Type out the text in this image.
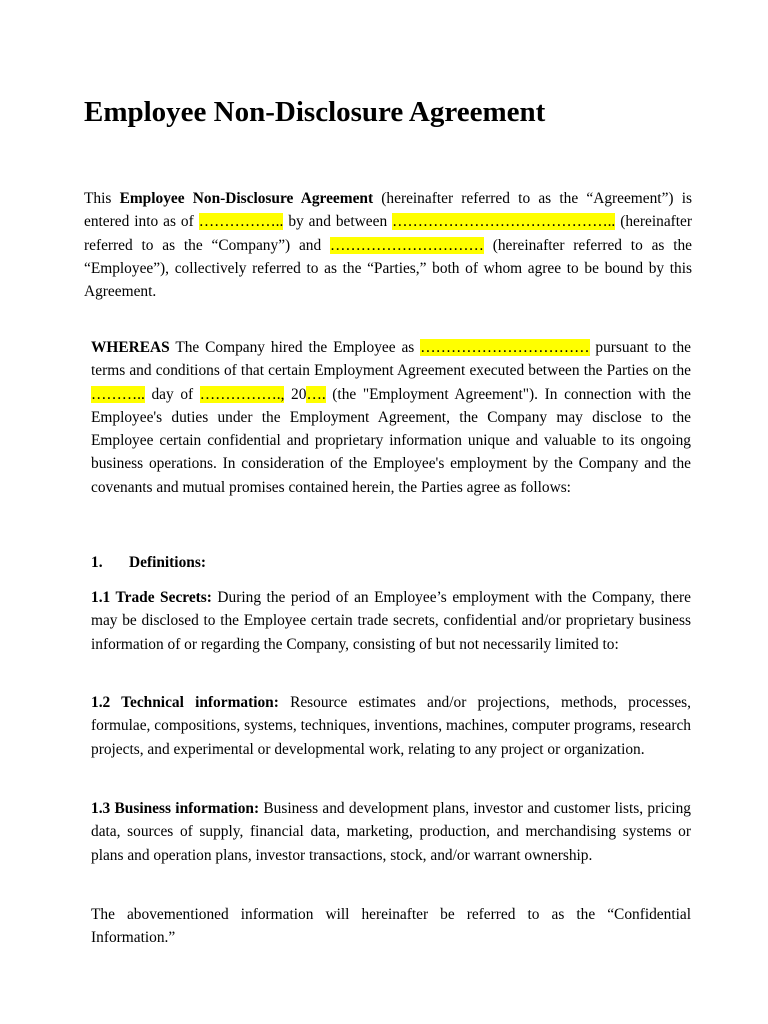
Employee Non-Disclosure Agreement

This Employee Non-Disclosure Agreement (hereinafter referred to as the “Agreement”) is entered into as of …………….. by and between …………………………………….. (hereinafter referred to as the “Company”) and ………………………… (hereinafter referred to as the “Employee”), collectively referred to as the “Parties,” both of whom agree to be bound by this Agreement.

WHEREAS The Company hired the Employee as …………………………… pursuant to the terms and conditions of that certain Employment Agreement executed between the Parties on the ……….. day of ……………., 20…. (the "Employment Agreement"). In connection with the Employee's duties under the Employment Agreement, the Company may disclose to the Employee certain confidential and proprietary information unique and valuable to its ongoing business operations. In consideration of the Employee's employment by the Company and the covenants and mutual promises contained herein, the Parties agree as follows:

1. Definitions:

1.1 Trade Secrets: During the period of an Employee’s employment with the Company, there may be disclosed to the Employee certain trade secrets, confidential and/or proprietary business information of or regarding the Company, consisting of but not necessarily limited to:

1.2 Technical information: Resource estimates and/or projections, methods, processes, formulae, compositions, systems, techniques, inventions, machines, computer programs, research projects, and experimental or developmental work, relating to any project or organization.

1.3 Business information: Business and development plans, investor and customer lists, pricing data, sources of supply, financial data, marketing, production, and merchandising systems or plans and operation plans, investor transactions, stock, and/or warrant ownership.

The abovementioned information will hereinafter be referred to as the “Confidential Information.”
